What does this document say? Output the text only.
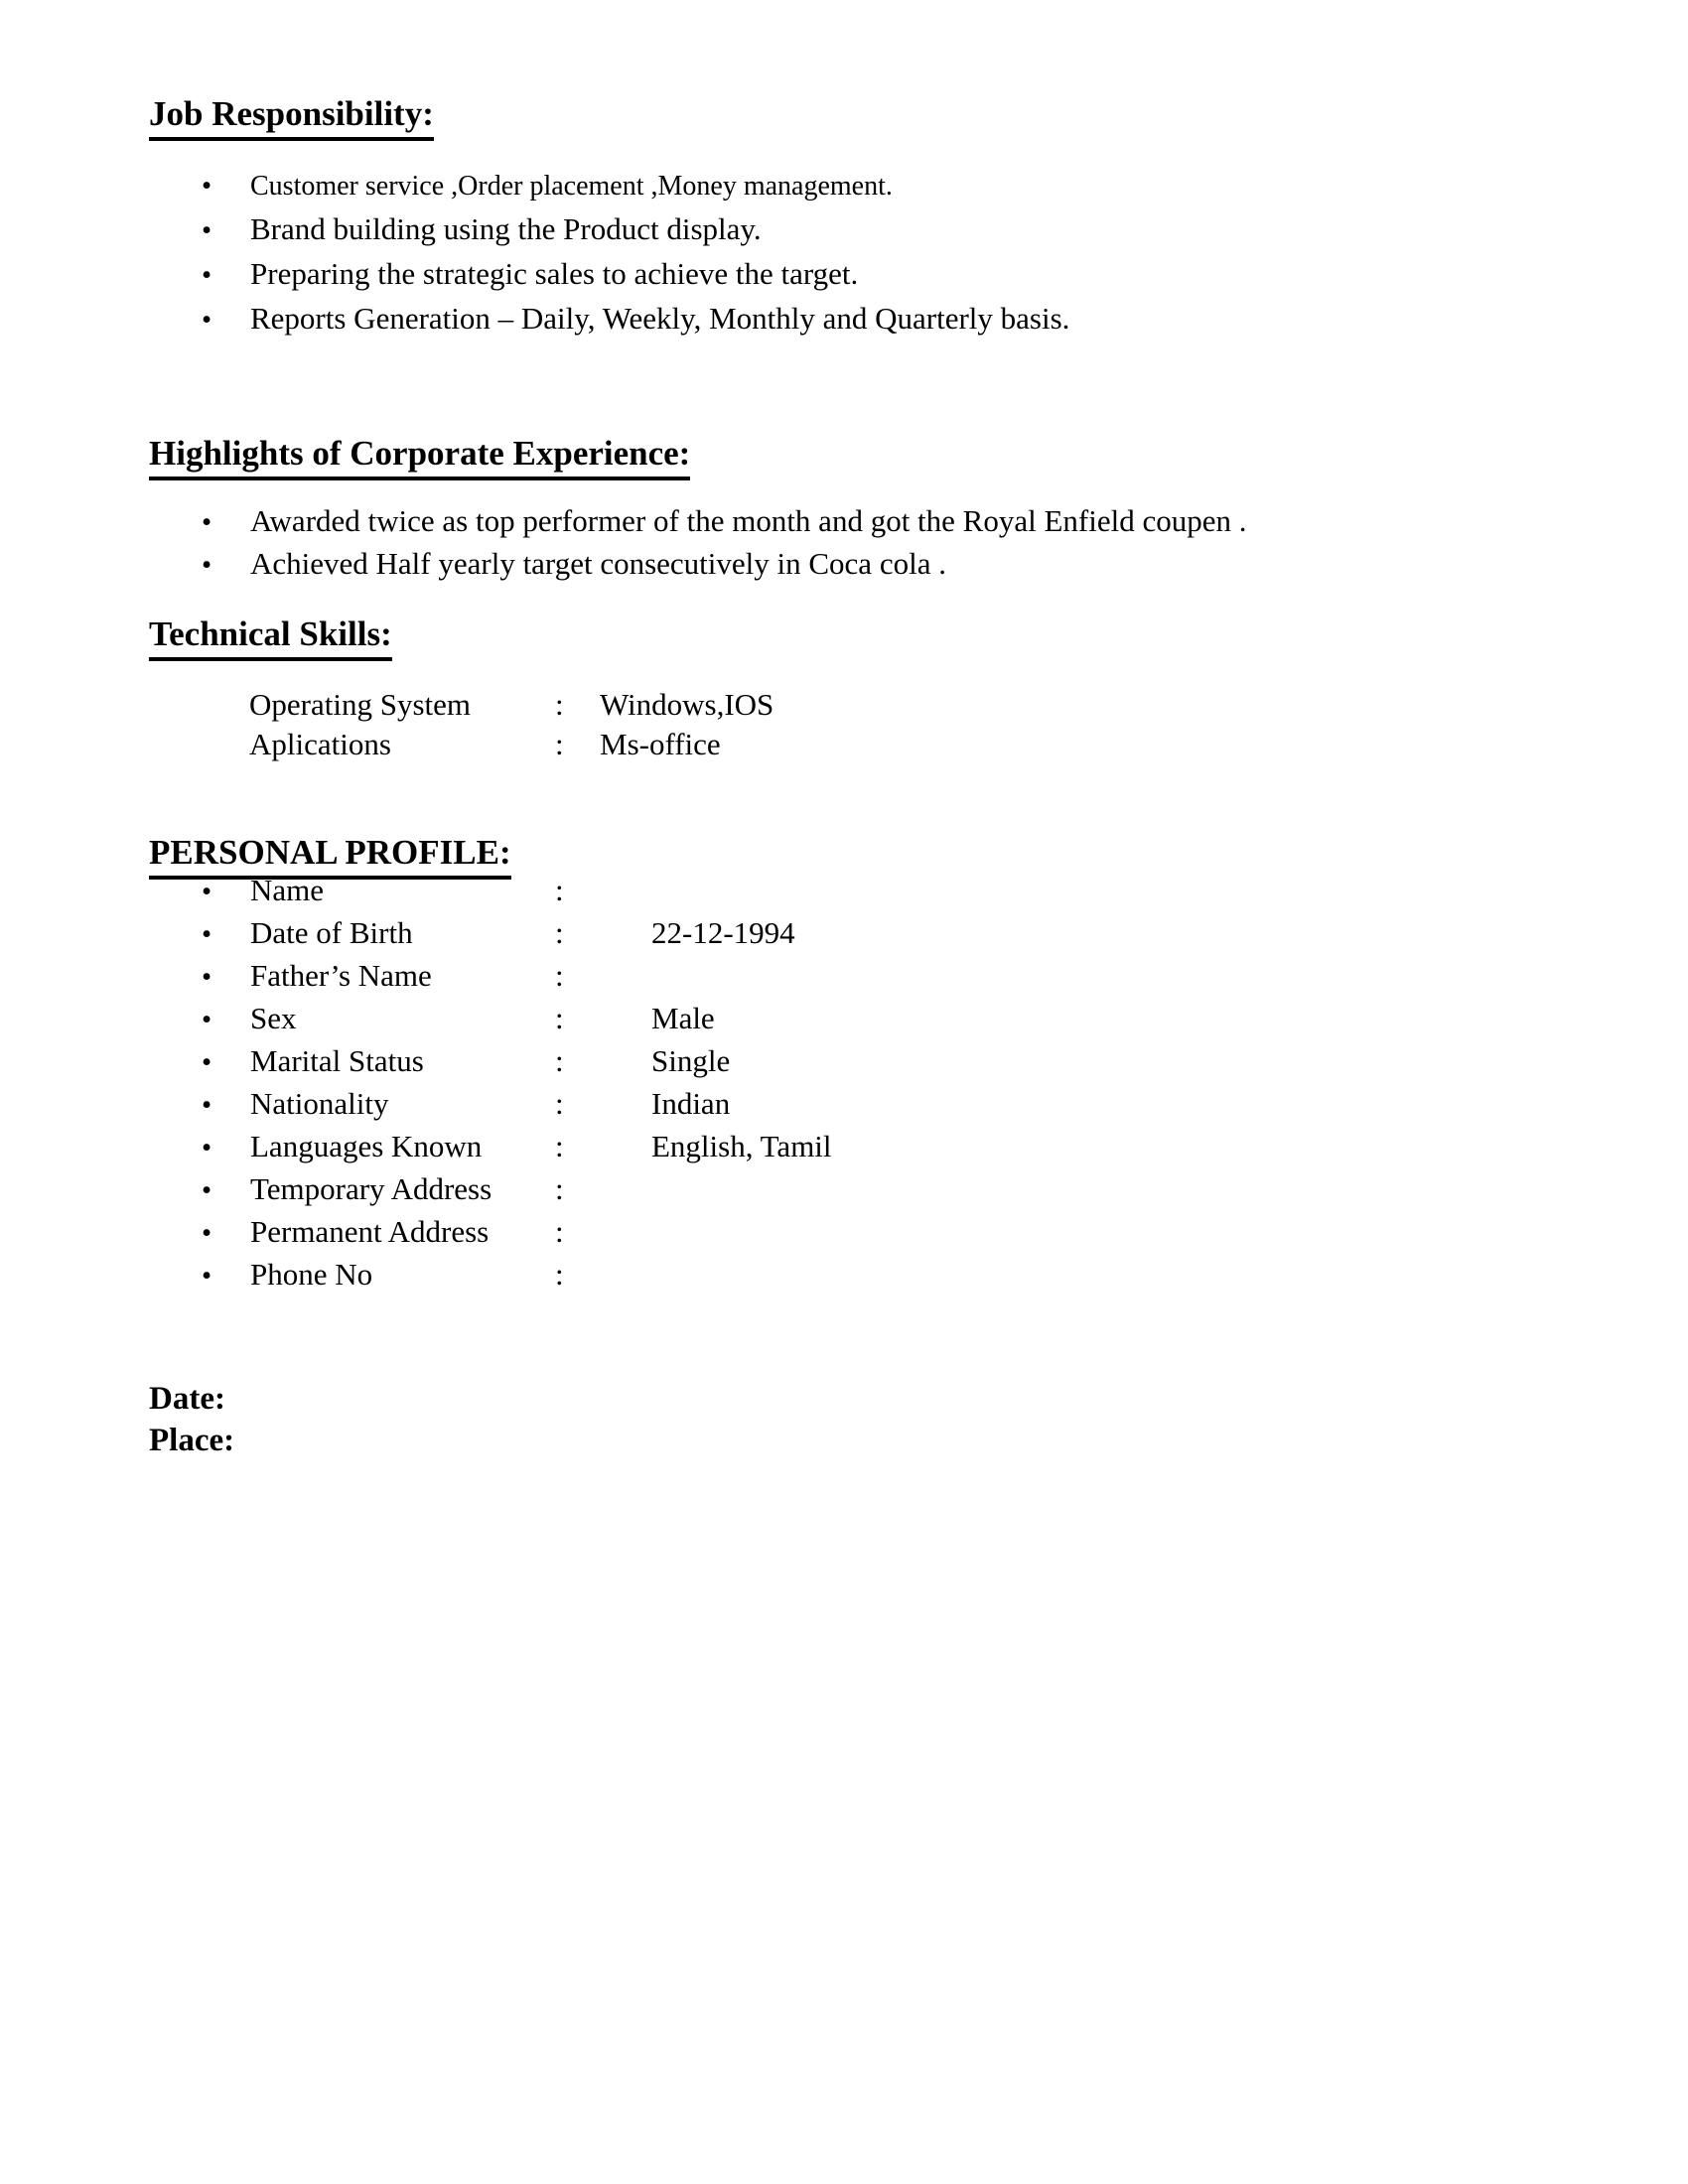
Job Responsibility:
• Customer service ,Order placement ,Money management.
• Brand building using the Product display.
• Preparing the strategic sales to achieve the target.
• Reports Generation – Daily, Weekly, Monthly and Quarterly basis.
Highlights of Corporate Experience:
• Awarded twice as top performer of the month and got the Royal Enfield coupen .
• Achieved Half yearly target consecutively in Coca cola .
Technical Skills:
Operating System	: Windows,IOS
Aplications	: Ms-office
PERSONAL PROFILE:
• Name	:
• Date of Birth	:	22-12-1994
• Father’s Name	:
• Sex	:	Male
• Marital Status	:	Single
• Nationality	:	Indian
• Languages Known :	English, Tamil
• Temporary Address :
• Permanent Address :
• Phone No	:
Date:
Place:
